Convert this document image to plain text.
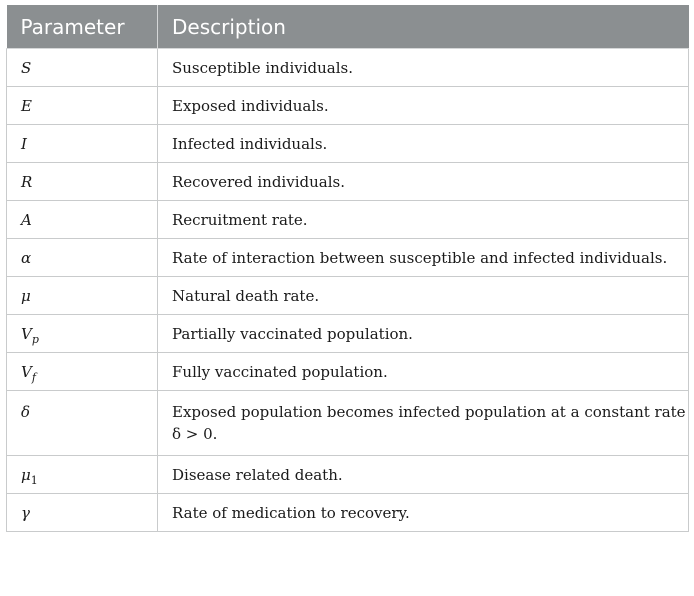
Parameter	Description
S	Susceptible individuals.
E	Exposed individuals.
I	Infected individuals.
R	Recovered individuals.
A	Recruitment rate.
α	Rate of interaction between susceptible and infected individuals.
μ	Natural death rate.
$V_p$	Partially vaccinated population.
$V_f$	Fully vaccinated population.
δ	Exposed population becomes infected population at a constant rate δ > 0.

$\mu_1$	Disease related death.
γ	Rate of medication to recovery.
